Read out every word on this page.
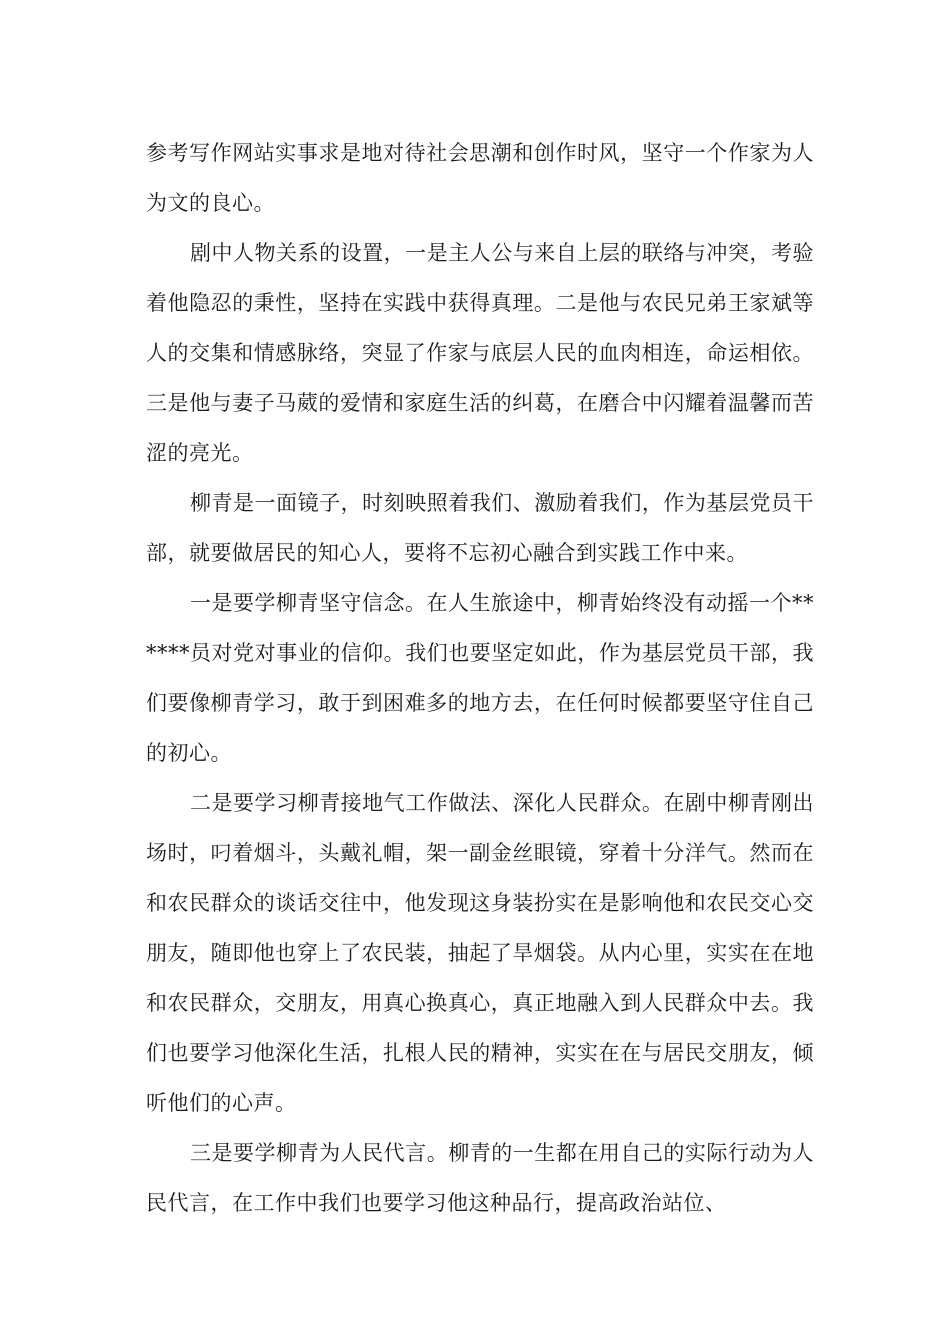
参考写作网站实事求是地对待社会思潮和创作时风，坚守一个作家为人为文的良心。

剧中人物关系的设置，一是主人公与来自上层的联络与冲突，考验着他隐忍的秉性，坚持在实践中获得真理。二是他与农民兄弟王家斌等人的交集和情感脉络，突显了作家与底层人民的血肉相连，命运相依。三是他与妻子马葳的爱情和家庭生活的纠葛，在磨合中闪耀着温馨而苦涩的亮光。

柳青是一面镜子，时刻映照着我们、激励着我们，作为基层党员干部，就要做居民的知心人，要将不忘初心融合到实践工作中来。

一是要学柳青坚守信念。在人生旅途中，柳青始终没有动摇一个******员对党对事业的信仰。我们也要坚定如此，作为基层党员干部，我们要像柳青学习，敢于到困难多的地方去，在任何时候都要坚守住自己的初心。

二是要学习柳青接地气工作做法、深化人民群众。在剧中柳青刚出场时，叼着烟斗，头戴礼帽，架一副金丝眼镜，穿着十分洋气。然而在和农民群众的谈话交往中，他发现这身装扮实在是影响他和农民交心交朋友，随即他也穿上了农民装，抽起了旱烟袋。从内心里，实实在在地和农民群众，交朋友，用真心换真心，真正地融入到人民群众中去。我们也要学习他深化生活，扎根人民的精神，实实在在与居民交朋友，倾听他们的心声。

三是要学柳青为人民代言。柳青的一生都在用自己的实际行动为人民代言，在工作中我们也要学习他这种品行，提高政治站位、
